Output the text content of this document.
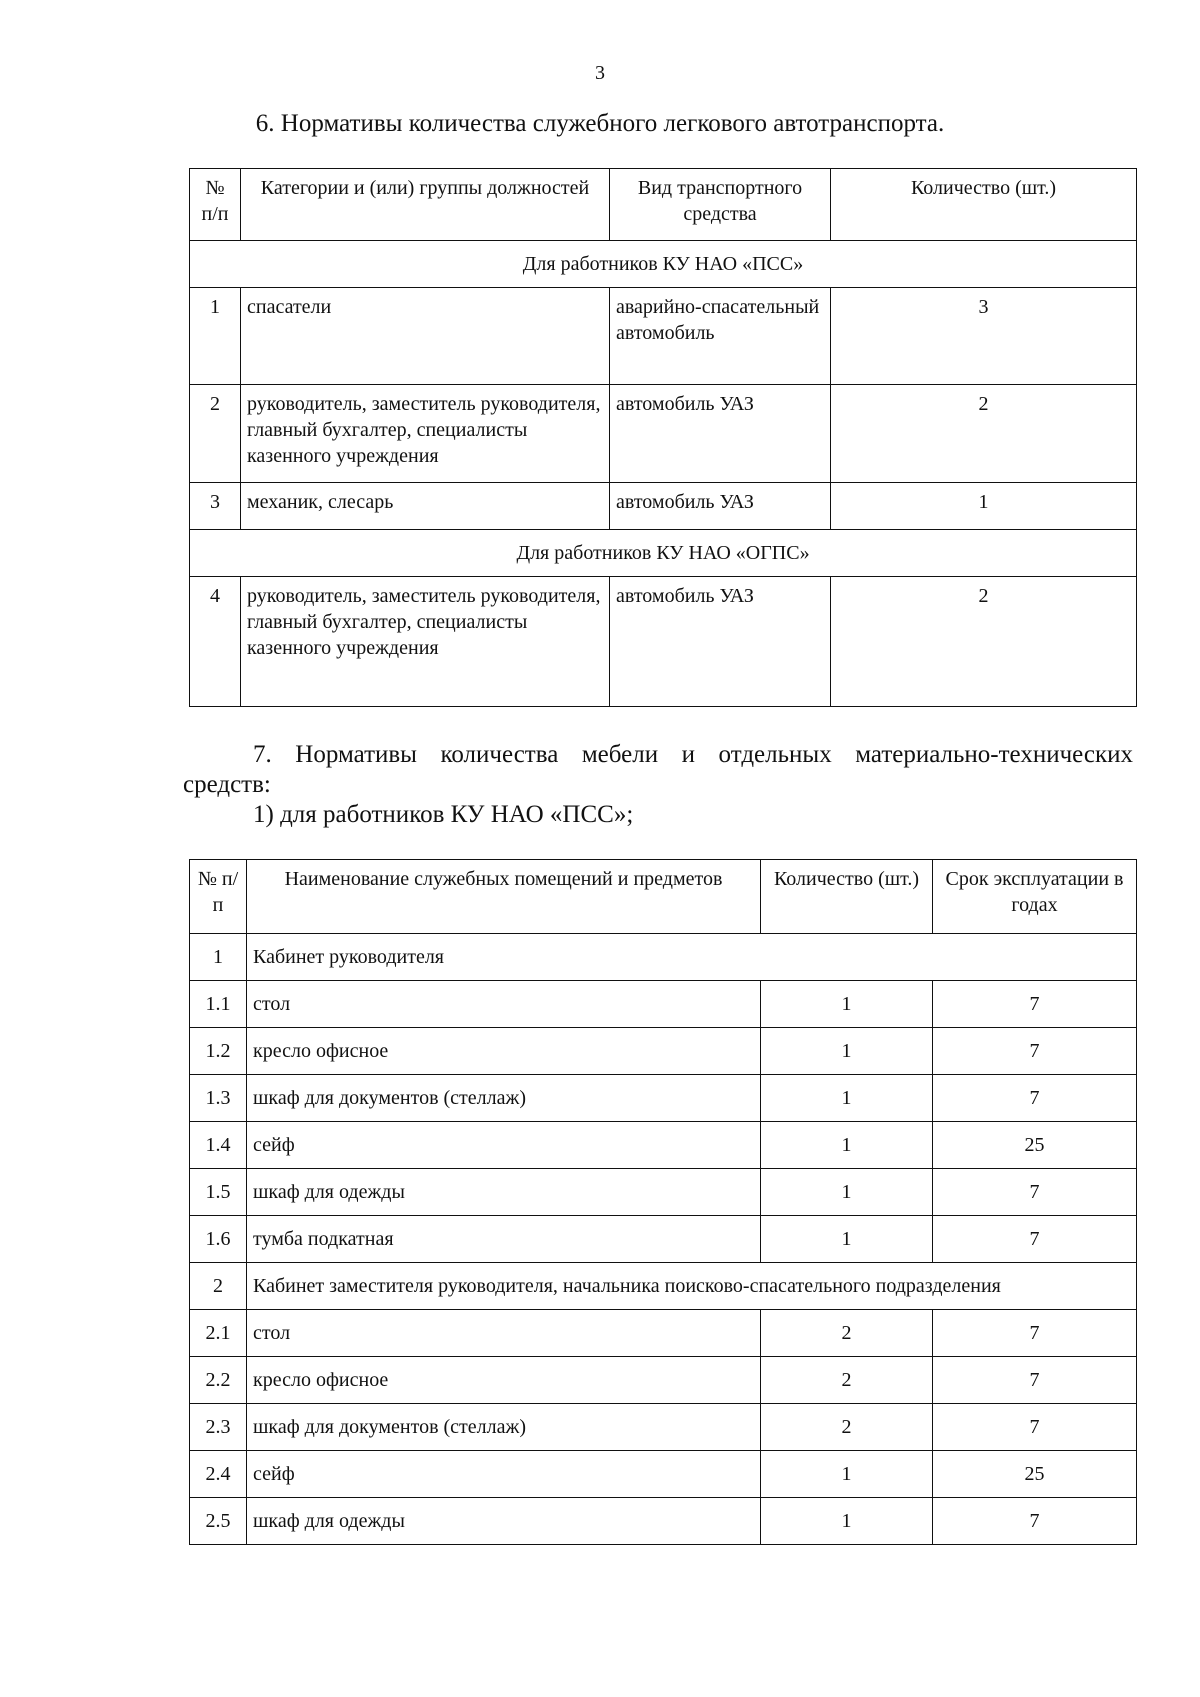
3
6. Нормативы количества служебного легкового автотранспорта.
№ п/п	Категории и (или) группы должностей	Вид транспортного средства	Количество (шт.)
Для работников КУ НАО «ПСС»			
1	спасатели	аварийно-спасательный автомобиль	3
2	руководитель, заместитель руководителя, главный бухгалтер, специалисты казенного учреждения	автомобиль УАЗ	2
3	механик, слесарь	автомобиль УАЗ	1
Для работников КУ НАО «ОГПС»			
4	руководитель, заместитель руководителя, главный бухгалтер, специалисты казенного учреждения	автомобиль УАЗ	2
7. Нормативы количества мебели и отдельных материально-технических
средств:
1) для работников КУ НАО «ПСС»;
№ п/п	Наименование служебных помещений и предметов	Количество (шт.)	Срок эксплуатации в годах
1	Кабинет руководителя		
1.1	стол	1	7
1.2	кресло офисное	1	7
1.3	шкаф для документов (стеллаж)	1	7
1.4	сейф	1	25
1.5	шкаф для одежды	1	7
1.6	тумба подкатная	1	7
2	Кабинет заместителя руководителя, начальника поисково-спасательного подразделения		
2.1	стол	2	7
2.2	кресло офисное	2	7
2.3	шкаф для документов (стеллаж)	2	7
2.4	сейф	1	25
2.5	шкаф для одежды	1	7
